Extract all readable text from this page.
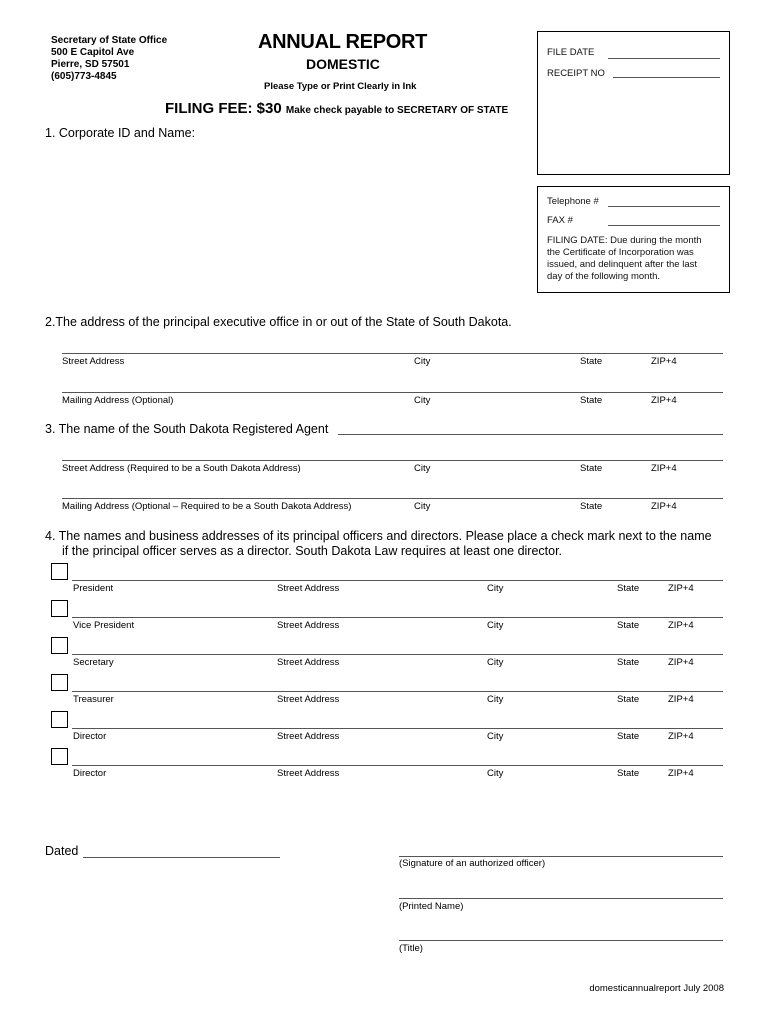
Secretary of State Office
500 E Capitol Ave
Pierre, SD 57501
(605)773-4845
ANNUAL REPORT
DOMESTIC
Please Type or Print Clearly in Ink
FILING FEE: $30 Make check payable to SECRETARY OF STATE
FILE DATE
RECEIPT NO
Telephone #
FAX #
FILING DATE: Due during the month
the Certificate of Incorporation was
issued, and delinquent after the last
day of the following month.
1. Corporate ID and Name:
2.The address of the principal executive office in or out of the State of South Dakota.
Street Address	City	State	ZIP+4
Mailing Address (Optional)	City	State	ZIP+4
3. The name of the South Dakota Registered Agent
Street Address (Required to be a South Dakota Address)	City	State	ZIP+4
Mailing Address (Optional – Required to be a South Dakota Address)	City	State	ZIP+4
4. The names and business addresses of its principal officers and directors. Please place a check mark next to the name
if the principal officer serves as a director. South Dakota Law requires at least one director.
President	Street Address	City	State	ZIP+4
Vice President	Street Address	City	State	ZIP+4
Secretary	Street Address	City	State	ZIP+4
Treasurer	Street Address	City	State	ZIP+4
Director	Street Address	City	State	ZIP+4
Director	Street Address	City	State	ZIP+4
Dated
(Signature of an authorized officer)
(Printed Name)
(Title)
domesticannualreport July 2008
